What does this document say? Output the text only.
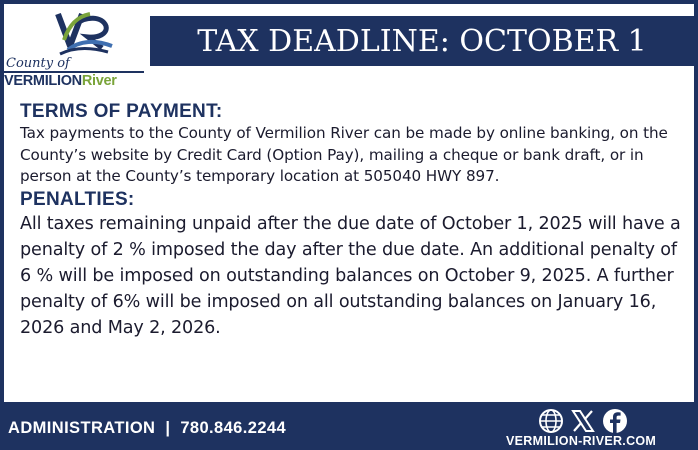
County of
VERMILIONRiver
TAX DEADLINE: OCTOBER 1
TERMS OF PAYMENT:
Tax payments to the County of Vermilion River can be made by online banking, on the County’s website by Credit Card (Option Pay), mailing a cheque or bank draft, or in person at the County’s temporary location at 505040 HWY 897.
PENALTIES:
All taxes remaining unpaid after the due date of October 1, 2025 will have a penalty of 2 % imposed the day after the due date. An additional penalty of 6 % will be imposed on outstanding balances on October 9, 2025. A further penalty of 6% will be imposed on all outstanding balances on January 16, 2026 and May 2, 2026.
ADMINISTRATION  |  780.846.2244
VERMILION-RIVER.COM
